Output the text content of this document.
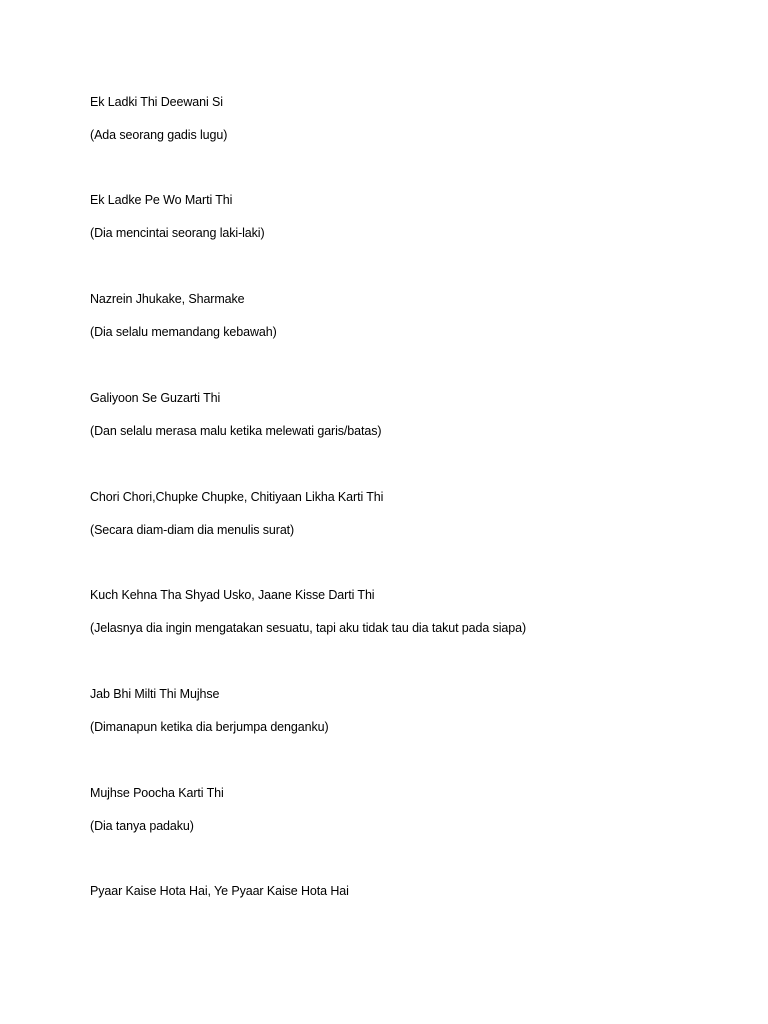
Ek Ladki Thi Deewani Si

(Ada seorang gadis lugu)

Ek Ladke Pe Wo Marti Thi

(Dia mencintai seorang laki-laki)

Nazrein Jhukake, Sharmake

(Dia selalu memandang kebawah)

Galiyoon Se Guzarti Thi

(Dan selalu merasa malu ketika melewati garis/batas)

Chori Chori,Chupke Chupke, Chitiyaan Likha Karti Thi

(Secara diam-diam dia menulis surat)

Kuch Kehna Tha Shyad Usko, Jaane Kisse Darti Thi

(Jelasnya dia ingin mengatakan sesuatu, tapi aku tidak tau dia takut pada siapa)

Jab Bhi Milti Thi Mujhse

(Dimanapun ketika dia berjumpa denganku)

Mujhse Poocha Karti Thi

(Dia tanya padaku)

Pyaar Kaise Hota Hai, Ye Pyaar Kaise Hota Hai
